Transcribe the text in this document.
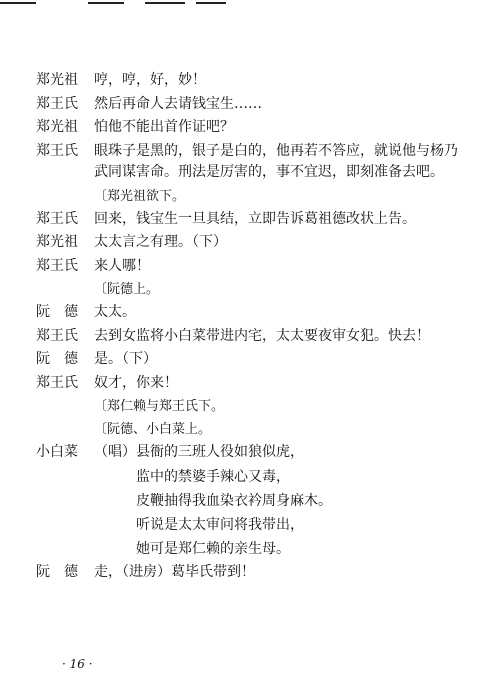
郑光祖	哼，哼，好，妙！
郑王氏	然后再命人去请钱宝生……
郑光祖	怕他不能出首作证吧？
郑王氏	眼珠子是黑的，银子是白的，他再若不答应，就说他与杨乃武同谋害命。刑法是厉害的，事不宜迟，即刻准备去吧。
〔郑光祖欲下。
郑王氏	回来，钱宝生一旦具结，立即告诉葛祖德改状上告。
郑光祖	太太言之有理。（下）
郑王氏	来人哪！
〔阮德上。
阮　德	太太。
郑王氏	去到女监将小白菜带进内宅，太太要夜审女犯。快去！
阮　德	是。（下）
郑王氏	奴才，你来！
〔郑仁赖与郑王氏下。
〔阮德、小白菜上。
小白菜	（唱） 县衙的三班人役如狼似虎，
监中的禁婆手辣心又毒，
皮鞭抽得我血染衣衿周身麻木。
听说是太太审问将我带出，
她可是郑仁赖的亲生母。
阮　德	走，（进房）葛毕氏带到！
· 16 ·
